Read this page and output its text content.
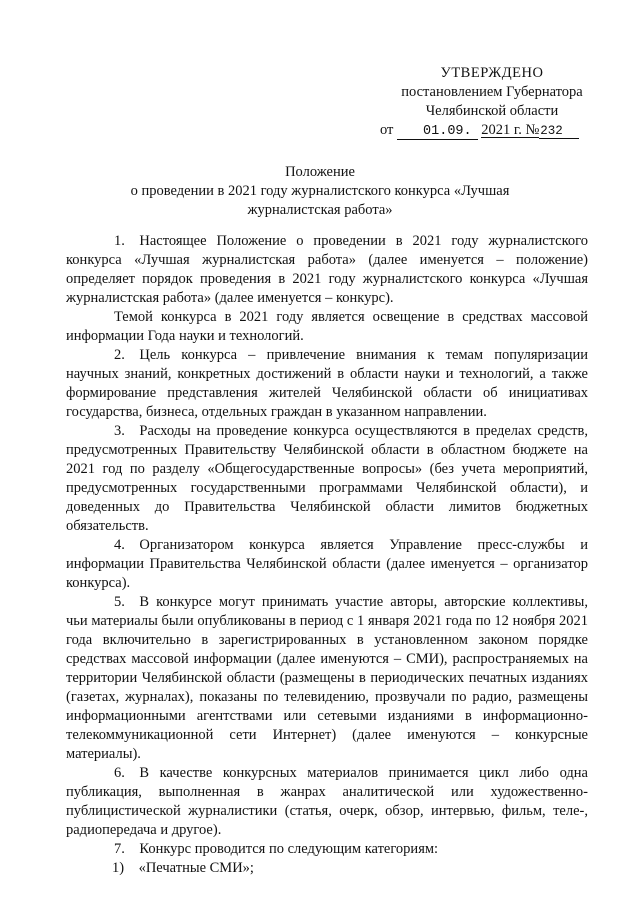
УТВЕРЖДЕНО
постановлением Губернатора
Челябинской области
от 01.09. 2021 г. №232
Положение
о проведении в 2021 году журналистского конкурса «Лучшая
журналистская работа»

1. Настоящее Положение о проведении в 2021 году журналистского конкурса «Лучшая журналистская работа» (далее именуется – положение) определяет порядок проведения в 2021 году журналистского конкурса «Лучшая журналистская работа» (далее именуется – конкурс).

Темой конкурса в 2021 году является освещение в средствах массовой информации Года науки и технологий.

2. Цель конкурса – привлечение внимания к темам популяризации научных знаний, конкретных достижений в области науки и технологий, а также формирование представления жителей Челябинской области об инициативах государства, бизнеса, отдельных граждан в указанном направлении.

3. Расходы на проведение конкурса осуществляются в пределах средств, предусмотренных Правительству Челябинской области в областном бюджете на 2021 год по разделу «Общегосударственные вопросы» (без учета мероприятий, предусмотренных государственными программами Челябинской области), и доведенных до Правительства Челябинской области лимитов бюджетных обязательств.

4. Организатором конкурса является Управление пресс-службы и информации Правительства Челябинской области (далее именуется – организатор конкурса).

5. В конкурсе могут принимать участие авторы, авторские коллективы, чьи материалы были опубликованы в период с 1 января 2021 года по 12 ноября 2021 года включительно в зарегистрированных в установленном законом порядке средствах массовой информации (далее именуются – СМИ), распространяемых на территории Челябинской области (размещены в периодических печатных изданиях (газетах, журналах), показаны по телевидению, прозвучали по радио, размещены информационными агентствами или сетевыми изданиями в информационно-телекоммуникационной сети Интернет) (далее именуются – конкурсные материалы).

6. В качестве конкурсных материалов принимается цикл либо одна публикация, выполненная в жанрах аналитической или художественно-публицистической журналистики (статья, очерк, обзор, интервью, фильм, теле-, радиопередача и другое).

7. Конкурс проводится по следующим категориям:

1) «Печатные СМИ»;
